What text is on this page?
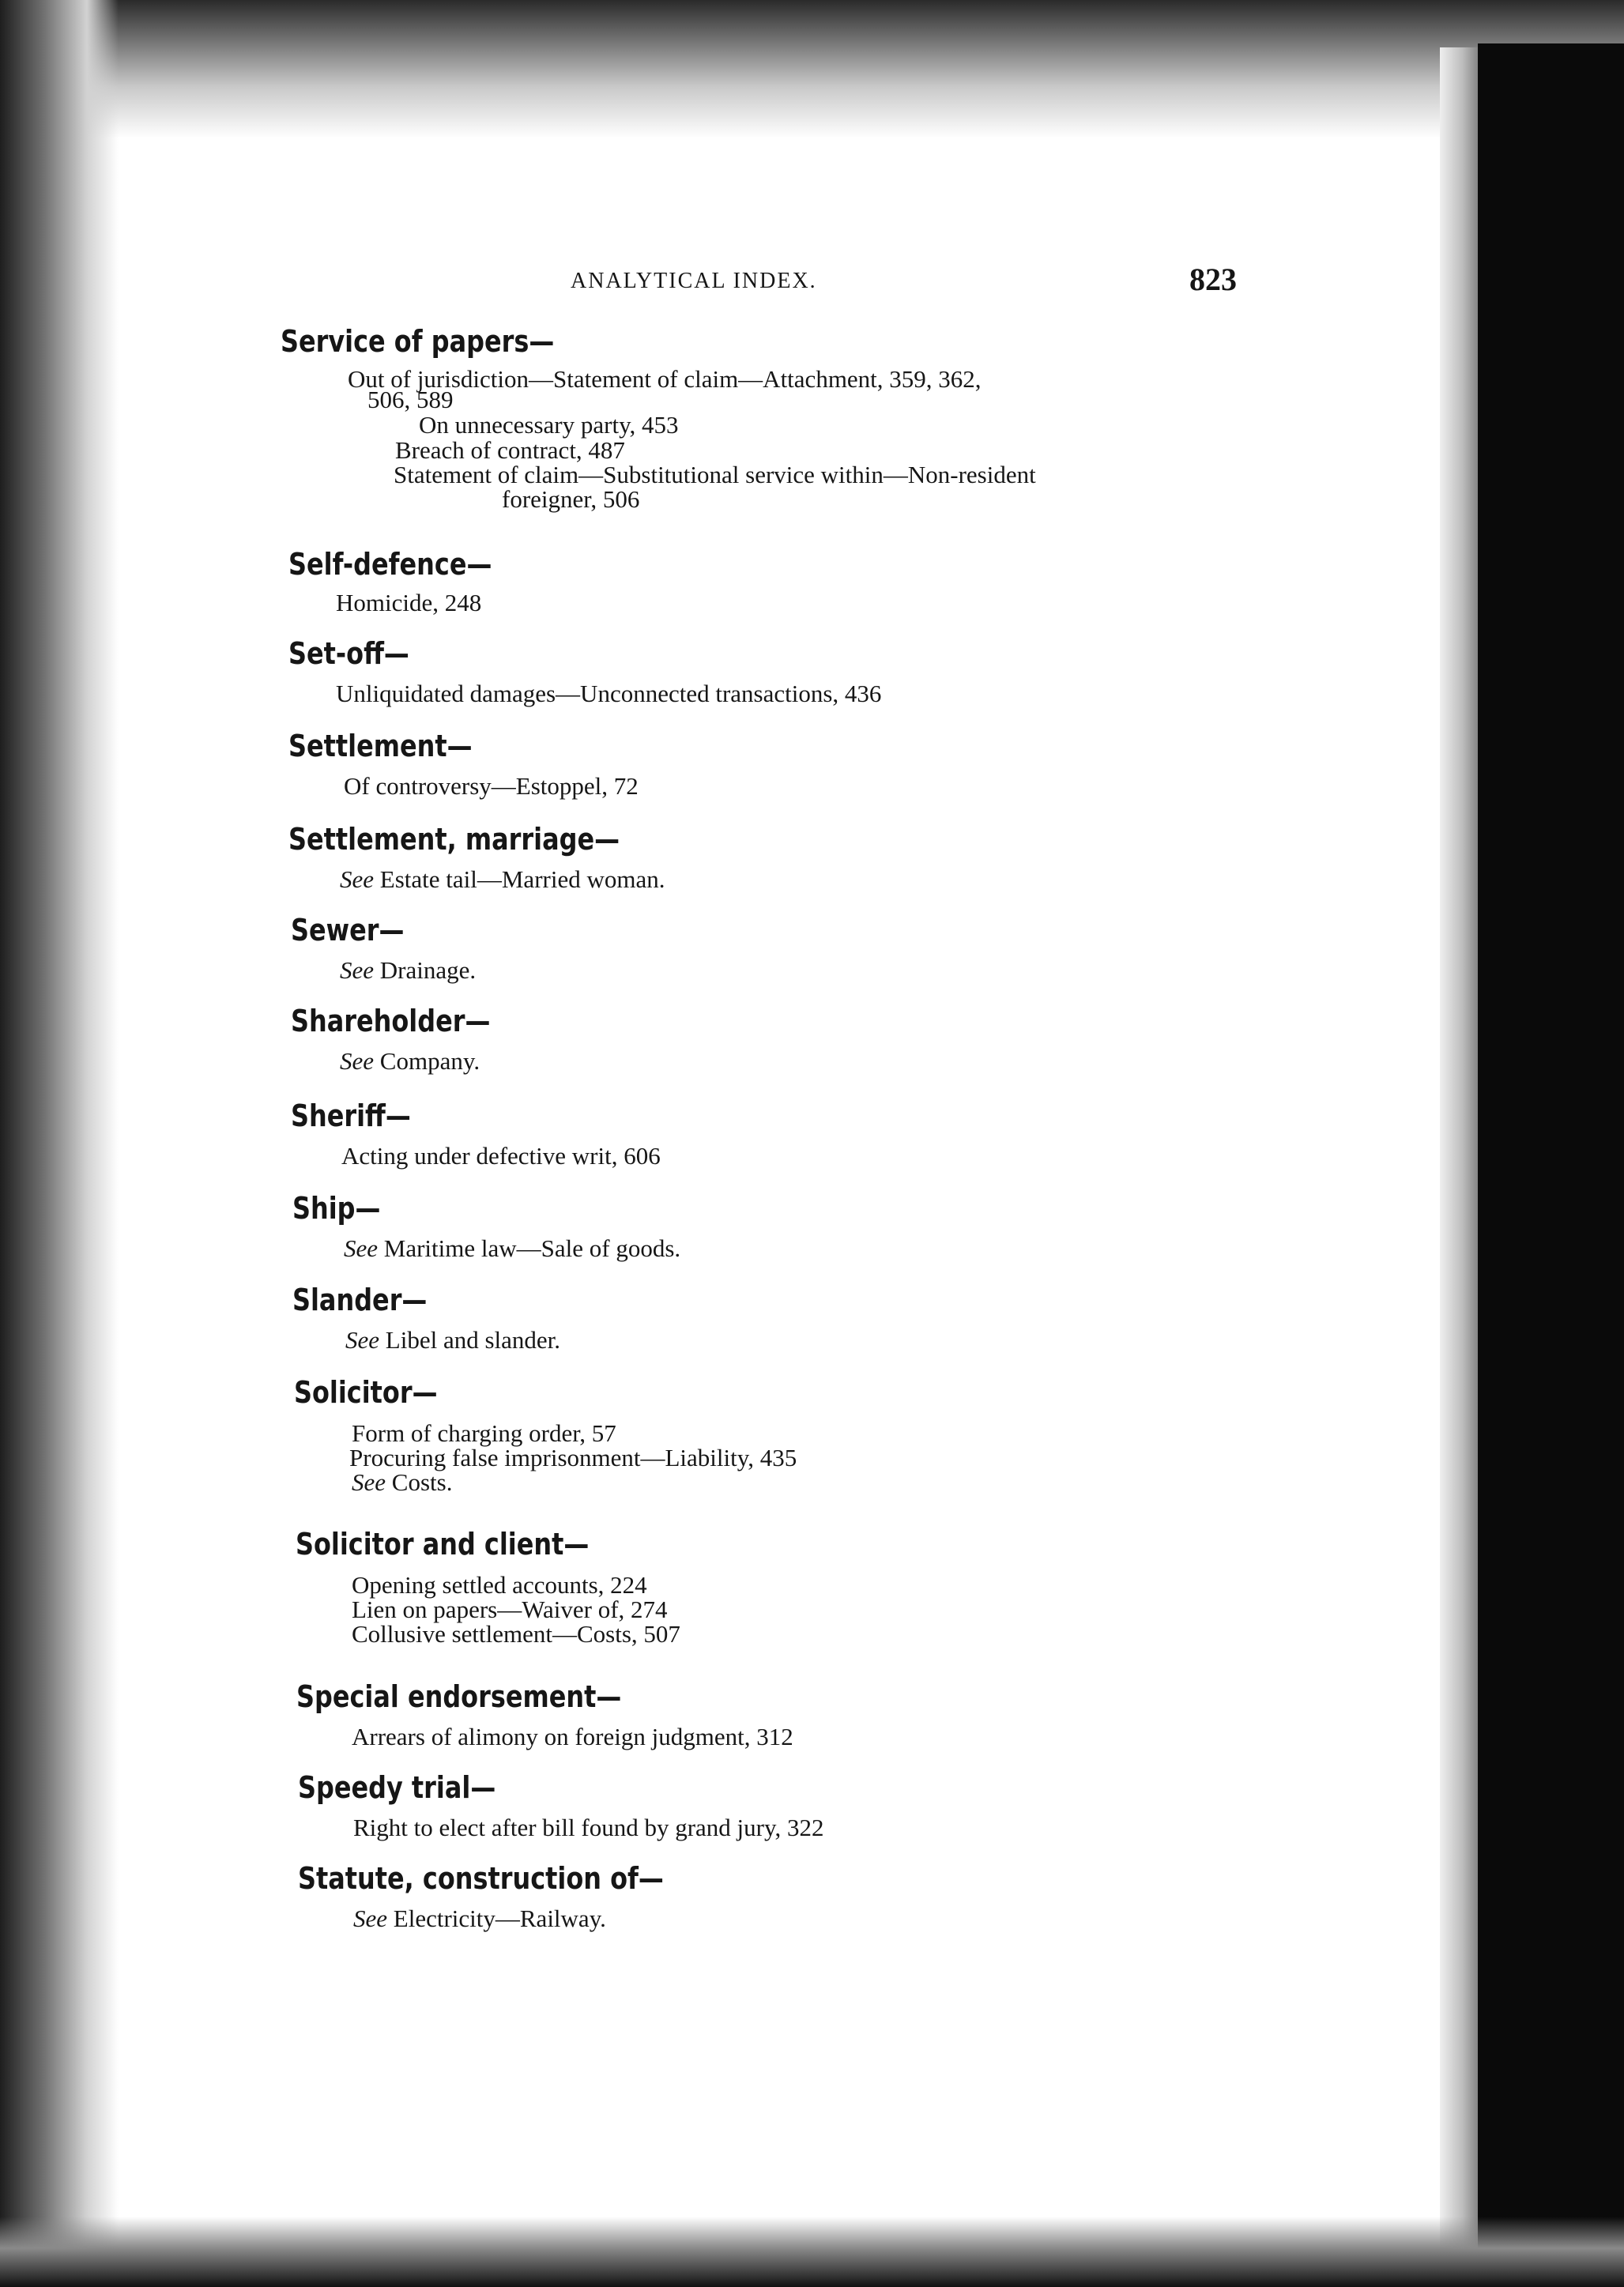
ANALYTICAL INDEX.	823
Service of papers—
Out of jurisdiction—Statement of claim—Attachment, 359, 362,
506, 589
On unnecessary party, 453
Breach of contract, 487
Statement of claim—Substitutional service within—Non-resident
foreigner, 506
Self-defence—
Homicide, 248
Set-off—
Unliquidated damages—Unconnected transactions, 436
Settlement—
Of controversy—Estoppel, 72
Settlement, marriage—
See Estate tail—Married woman.
Sewer—
See Drainage.
Shareholder—
See Company.
Sheriff—
Acting under defective writ, 606
Ship—
See Maritime law—Sale of goods.
Slander—
See Libel and slander.
Solicitor—
Form of charging order, 57
Procuring false imprisonment—Liability, 435
See Costs.
Solicitor and client—
Opening settled accounts, 224
Lien on papers—Waiver of, 274
Collusive settlement—Costs, 507
Special endorsement—
Arrears of alimony on foreign judgment, 312
Speedy trial—
Right to elect after bill found by grand jury, 322
Statute, construction of—
See Electricity—Railway.
